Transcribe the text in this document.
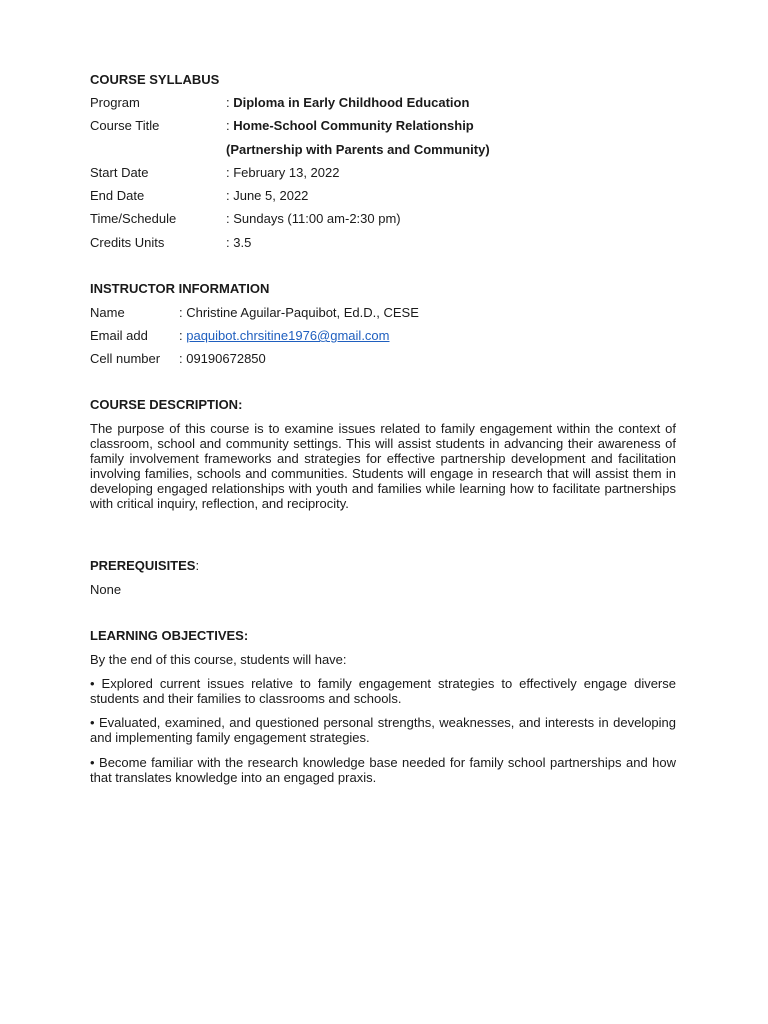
COURSE SYLLABUS
Program	: Diploma in Early Childhood Education
Course Title	: Home-School Community Relationship
(Partnership with Parents and Community)
Start Date	: February 13, 2022
End Date	: June 5, 2022
Time/Schedule	: Sundays (11:00 am-2:30 pm)
Credits Units	: 3.5
INSTRUCTOR INFORMATION
Name	: Christine Aguilar-Paquibot, Ed.D., CESE
Email add : paquibot.chrsitine1976@gmail.com
Cell number : 09190672850
COURSE DESCRIPTION:
The purpose of this course is to examine issues related to family engagement within the context of classroom, school and community settings. This will assist students in advancing their awareness of family involvement frameworks and strategies for effective partnership development and facilitation involving families, schools and communities. Students will engage in research that will assist them in developing engaged relationships with youth and families while learning how to facilitate partnerships with critical inquiry, reflection, and reciprocity.
PREREQUISITES:
None
LEARNING OBJECTIVES:
By the end of this course, students will have:
• Explored current issues relative to family engagement strategies to effectively engage diverse students and their families to classrooms and schools.
• Evaluated, examined, and questioned personal strengths, weaknesses, and interests in developing and implementing family engagement strategies.
• Become familiar with the research knowledge base needed for family school partnerships and how that translates knowledge into an engaged praxis.
